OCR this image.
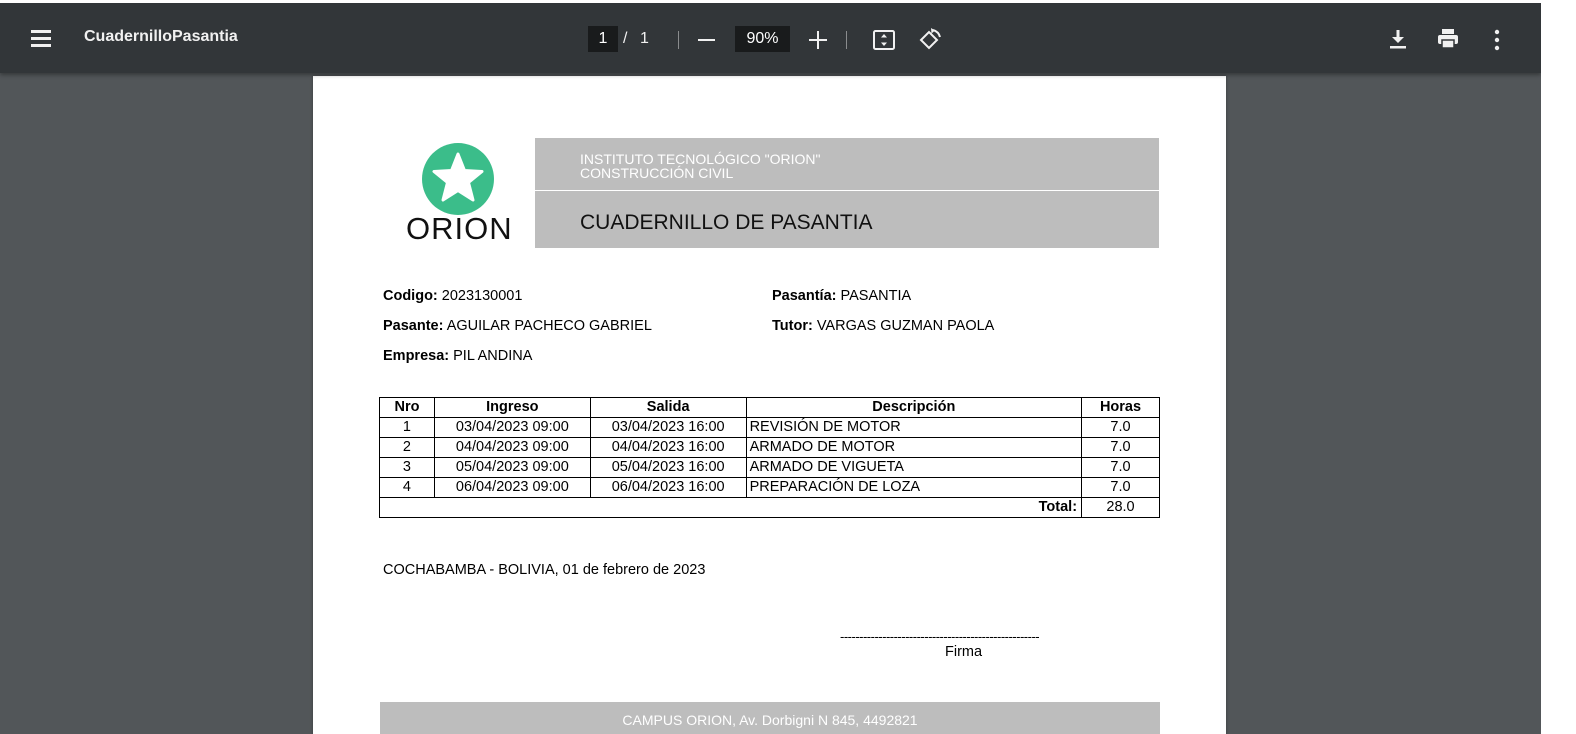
CuadernilloPasantia	1 / 1	90%
ORION
INSTITUTO TECNOLÓGICO "ORION"
CONSTRUCCIÓN CIVIL
CUADERNILLO DE PASANTIA
Codigo: 2023130001	Pasantía: PASANTIA
Pasante: AGUILAR PACHECO GABRIEL	Tutor: VARGAS GUZMAN PAOLA
Empresa: PIL ANDINA
Nro	Ingreso	Salida	Descripción	Horas
1	03/04/2023 09:00	03/04/2023 16:00	REVISIÓN DE MOTOR	7.0
2	04/04/2023 09:00	04/04/2023 16:00	ARMADO DE MOTOR	7.0
3	05/04/2023 09:00	05/04/2023 16:00	ARMADO DE VIGUETA	7.0
4	06/04/2023 09:00	06/04/2023 16:00	PREPARACIÓN DE LOZA	7.0
Total:				28.0
COCHABAMBA - BOLIVIA, 01 de febrero de 2023
----------------------------------------------------
Firma
CAMPUS ORION, Av. Dorbigni N 845, 4492821
